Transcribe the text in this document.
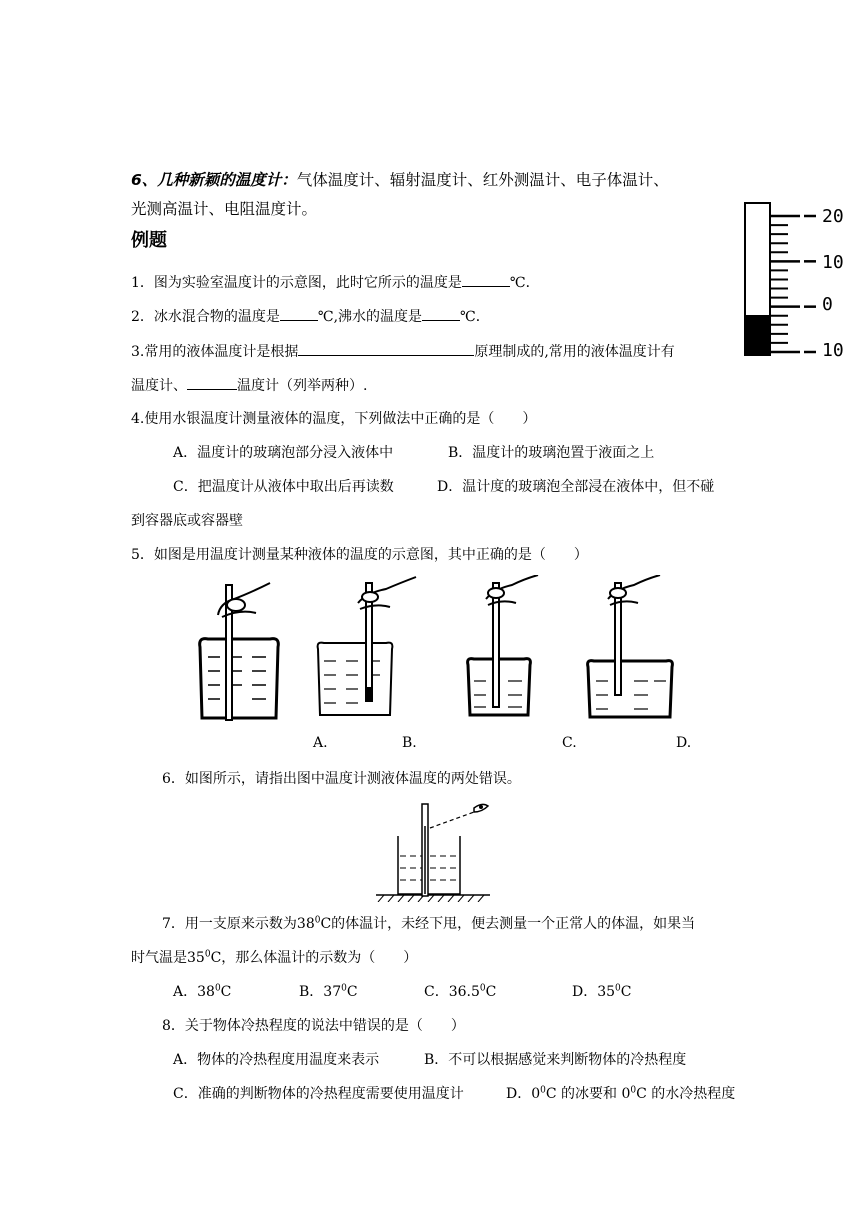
6、几种新颖的温度计：气体温度计、辐射温度计、红外测温计、电子体温计、
光测高温计、电阻温度计。
例题
20
10
0
10
1．图为实验室温度计的示意图，此时它所示的温度是	℃．
2．冰水混合物的温度是	℃,沸水的温度是	℃．
3.常用的液体温度计是根据	原理制成的,常用的液体温度计有
温度计、	温度计（列举两种）.
4.使用水银温度计测量液体的温度，下列做法中正确的是（　　）
A．温度计的玻璃泡部分浸入液体中	B．温度计的玻璃泡置于液面之上
C．把温度计从液体中取出后再读数	D．温计度的玻璃泡全部浸在液体中，但不碰
到容器底或容器壁
5．如图是用温度计测量某种液体的温度的示意图，其中正确的是（　　）
A.	B.	C.	D.
6．如图所示，请指出图中温度计测液体温度的两处错误。
7．用一支原来示数为$38^0C$的体温计，未经下甩，便去测量一个正常人的体温，如果当
时气温是$35^0C$，那么体温计的示数为（　　）
A．$38^0C$	B．$37^0C$	C．36.5$^0$C	D．$35^0C$
8．关于物体冷热程度的说法中错误的是（　　）
A．物体的冷热程度用温度来表示	B．不可以根据感觉来判断物体的冷热程度
C．准确的判断物体的冷热程度需要使用温度计	D．$0^0C$ 的冰要和 $0^0C$ 的水冷热程度
